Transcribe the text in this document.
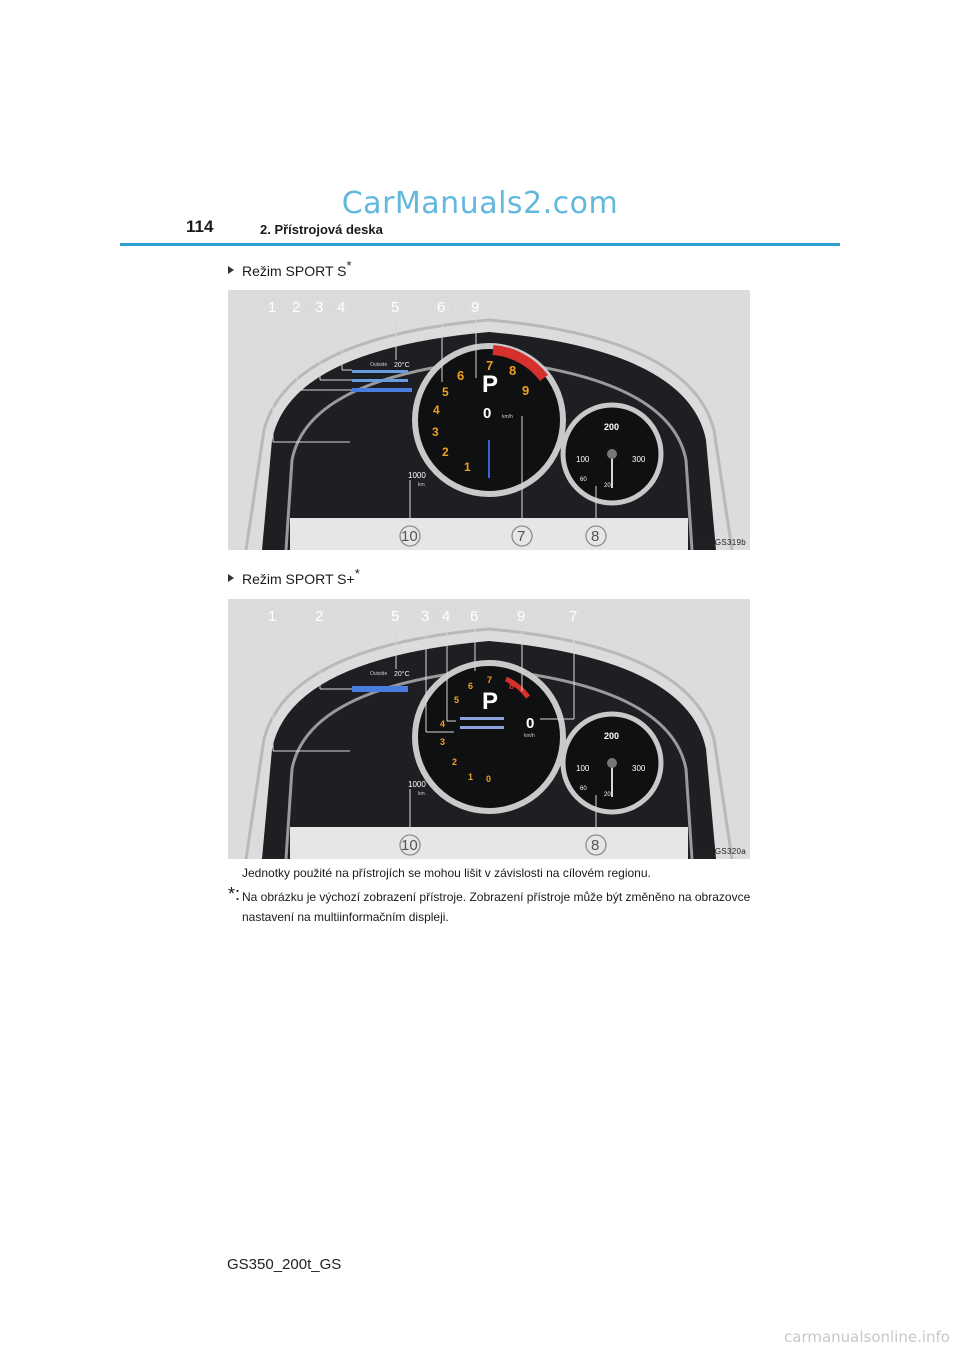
CarManuals2.com
114	2. Přístrojová deska
Režim SPORT S*
Outside 20°C
1000
km
6
7 8
9
5
4
3
2
1
P
0 km/h
200
100	300
60
20
1 2 3 4	5	6 9
10	7	8	IN21GS319b
Režim SPORT S+*
Outside 20°C
1000
km
6
7
8
5
4
3
2
1 0
P
0
km/h	200
100	300
60
20
1	2	5 3 4 6	9	7
10	8	IN21GS320a
Jednotky použité na přístrojích se mohou lišit v závislosti na cílovém regionu.
*: Na obrázku je výchozí zobrazení přístroje. Zobrazení přístroje může být změněno na obrazovce nastavení na multiinformačním displeji.
GS350_200t_GS
carmanualsonline.info
